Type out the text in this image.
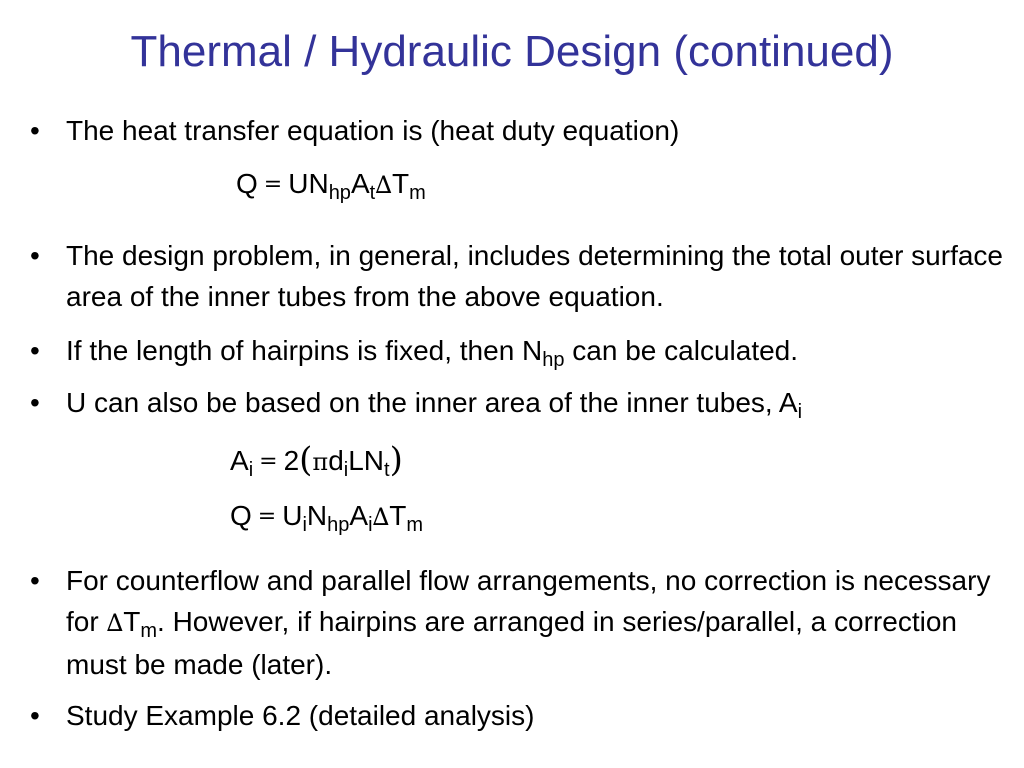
Thermal / Hydraulic Design (continued)
• The heat transfer equation is (heat duty equation)
$Q = UN_{hp}A_t\Delta T_m$
• The design problem, in general, includes determining the total outer surface area of the inner tubes from the above equation.
• If the length of hairpins is fixed, then $N_{hp}$ can be calculated.
• U can also be based on the inner area of the inner tubes, $A_i$
$A_i = 2(\pi d_iLN_t)$
$Q = U_iN_{hp}A_i\Delta T_m$
• For counterflow and parallel flow arrangements, no correction is necessary for $\Delta T_m$. However, if hairpins are arranged in series/parallel, a correction must be made (later).
• Study Example 6.2 (detailed analysis)
